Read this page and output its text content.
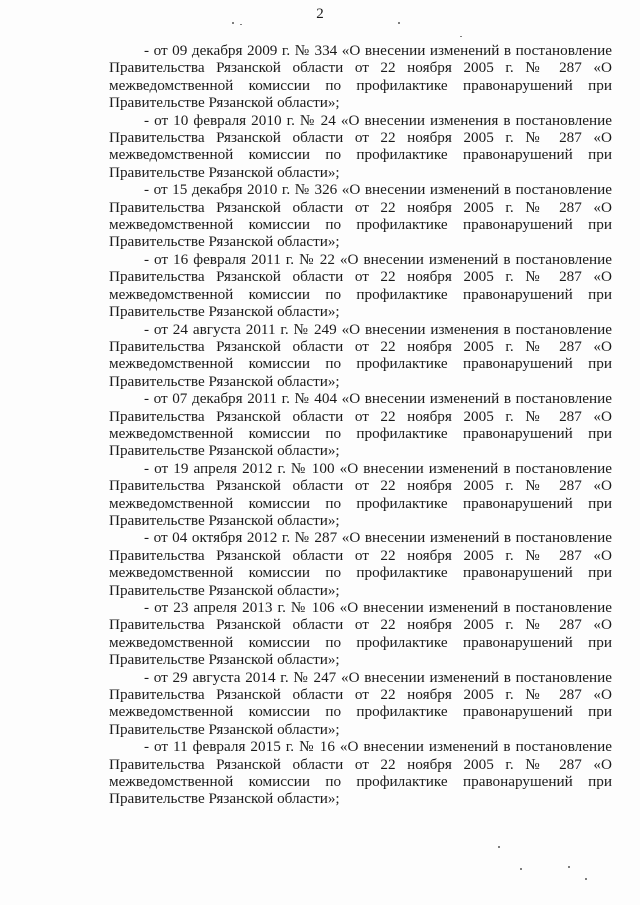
2

- от 09 декабря 2009 г. № 334 «О внесении изменений в постановление Правительства Рязанской области от 22 ноября 2005 г. № 287 «О межведомственной комиссии по профилактике правонарушений при Правительстве Рязанской области»;

- от 10 февраля 2010 г. № 24 «О внесении изменения в постановление Правительства Рязанской области от 22 ноября 2005 г. № 287 «О межведомственной комиссии по профилактике правонарушений при Правительстве Рязанской области»;

- от 15 декабря 2010 г. № 326 «О внесении изменений в постановление Правительства Рязанской области от 22 ноября 2005 г. № 287 «О межведомственной комиссии по профилактике правонарушений при Правительстве Рязанской области»;

- от 16 февраля 2011 г. № 22 «О внесении изменений в постановление Правительства Рязанской области от 22 ноября 2005 г. № 287 «О межведомственной комиссии по профилактике правонарушений при Правительстве Рязанской области»;

- от 24 августа 2011 г. № 249 «О внесении изменения в постановление Правительства Рязанской области от 22 ноября 2005 г. № 287 «О межведомственной комиссии по профилактике правонарушений при Правительстве Рязанской области»;

- от 07 декабря 2011 г. № 404 «О внесении изменений в постановление Правительства Рязанской области от 22 ноября 2005 г. № 287 «О межведомственной комиссии по профилактике правонарушений при Правительстве Рязанской области»;

- от 19 апреля 2012 г. № 100 «О внесении изменений в постановление Правительства Рязанской области от 22 ноября 2005 г. № 287 «О межведомственной комиссии по профилактике правонарушений при Правительстве Рязанской области»;

- от 04 октября 2012 г. № 287 «О внесении изменений в постановление Правительства Рязанской области от 22 ноября 2005 г. № 287 «О межведомственной комиссии по профилактике правонарушений при Правительстве Рязанской области»;

- от 23 апреля 2013 г. № 106 «О внесении изменений в постановление Правительства Рязанской области от 22 ноября 2005 г. № 287 «О межведомственной комиссии по профилактике правонарушений при Правительстве Рязанской области»;

- от 29 августа 2014 г. № 247 «О внесении изменений в постановление Правительства Рязанской области от 22 ноября 2005 г. № 287 «О межведомственной комиссии по профилактике правонарушений при Правительстве Рязанской области»;

- от 11 февраля 2015 г. № 16 «О внесении изменений в постановление Правительства Рязанской области от 22 ноября 2005 г. № 287 «О межведомственной комиссии по профилактике правонарушений при Правительстве Рязанской области»;
